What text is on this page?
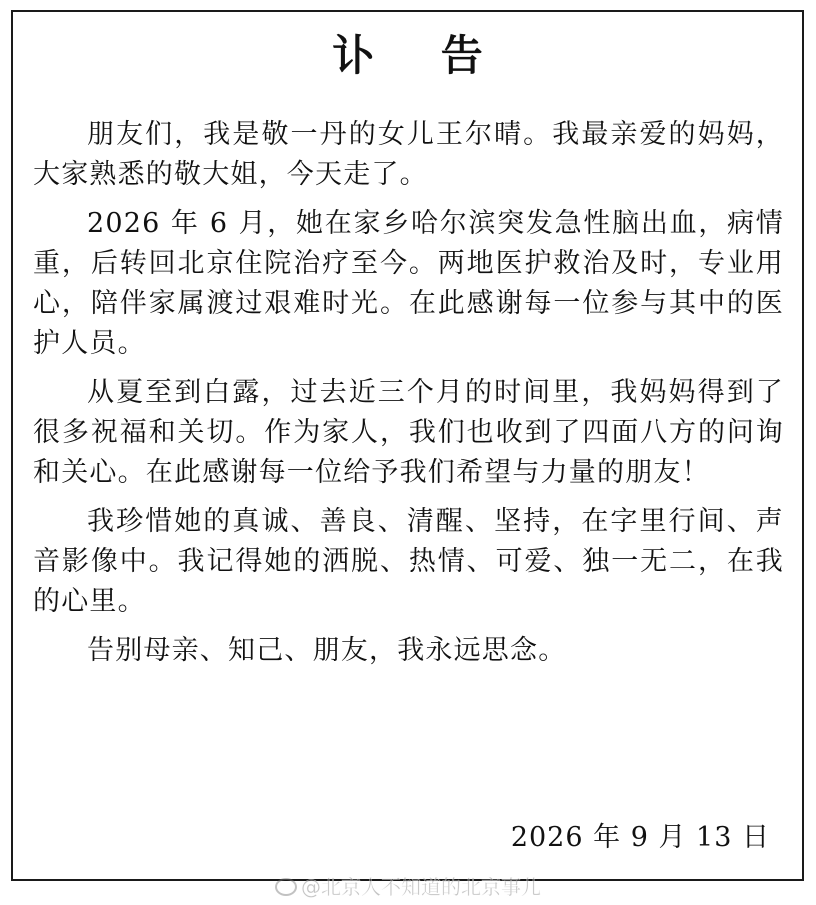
讣 告

朋友们，我是敬一丹的女儿王尔晴。我最亲爱的妈妈，大家熟悉的敬大姐，今天走了。

2026 年 6 月，她在家乡哈尔滨突发急性脑出血，病情重，后转回北京住院治疗至今。两地医护救治及时，专业用心，陪伴家属渡过艰难时光。在此感谢每一位参与其中的医护人员。

从夏至到白露，过去近三个月的时间里，我妈妈得到了很多祝福和关切。作为家人，我们也收到了四面八方的问询和关心。在此感谢每一位给予我们希望与力量的朋友！

我珍惜她的真诚、善良、清醒、坚持，在字里行间、声音影像中。我记得她的洒脱、热情、可爱、独一无二，在我的心里。

告别母亲、知己、朋友，我永远思念。

2026 年 9 月 13 日
@北京人不知道的北京事儿
